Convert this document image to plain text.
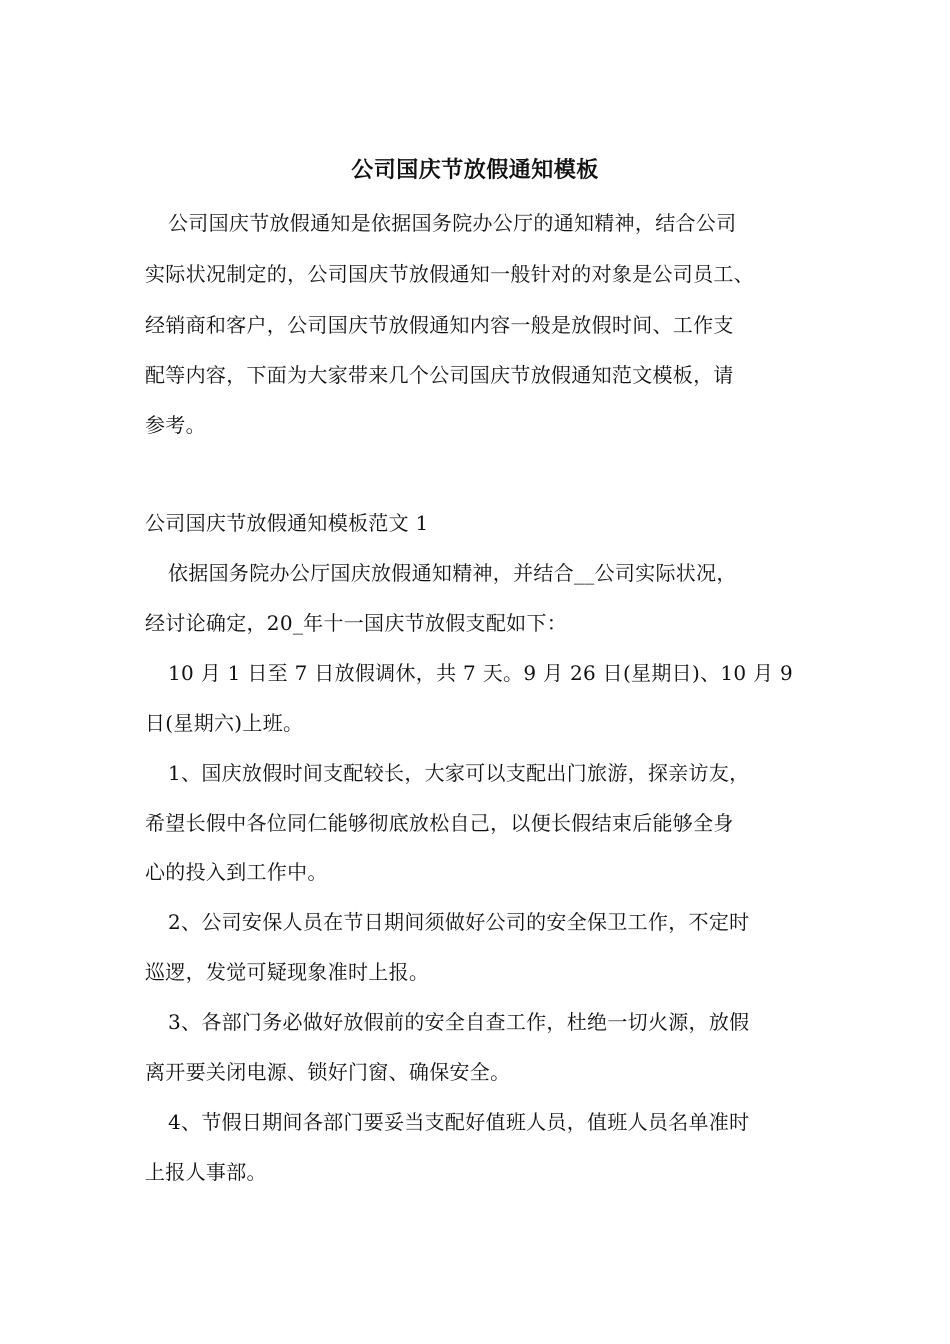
公司国庆节放假通知模板
公司国庆节放假通知是依据国务院办公厅的通知精神，结合公司
实际状况制定的，公司国庆节放假通知一般针对的对象是公司员工、
经销商和客户，公司国庆节放假通知内容一般是放假时间、工作支
配等内容，下面为大家带来几个公司国庆节放假通知范文模板，请
参考。
公司国庆节放假通知模板范文 1
依据国务院办公厅国庆放假通知精神，并结合__公司实际状况，
经讨论确定，20_年十一国庆节放假支配如下：
10 月 1 日至 7 日放假调休，共 7 天。9 月 26 日(星期日)、10 月 9
日(星期六)上班。
1、国庆放假时间支配较长，大家可以支配出门旅游，探亲访友，
希望长假中各位同仁能够彻底放松自己，以便长假结束后能够全身
心的投入到工作中。
2、公司安保人员在节日期间须做好公司的安全保卫工作，不定时
巡逻，发觉可疑现象准时上报。
3、各部门务必做好放假前的安全自查工作，杜绝一切火源，放假
离开要关闭电源、锁好门窗、确保安全。
4、节假日期间各部门要妥当支配好值班人员，值班人员名单准时
上报人事部。
